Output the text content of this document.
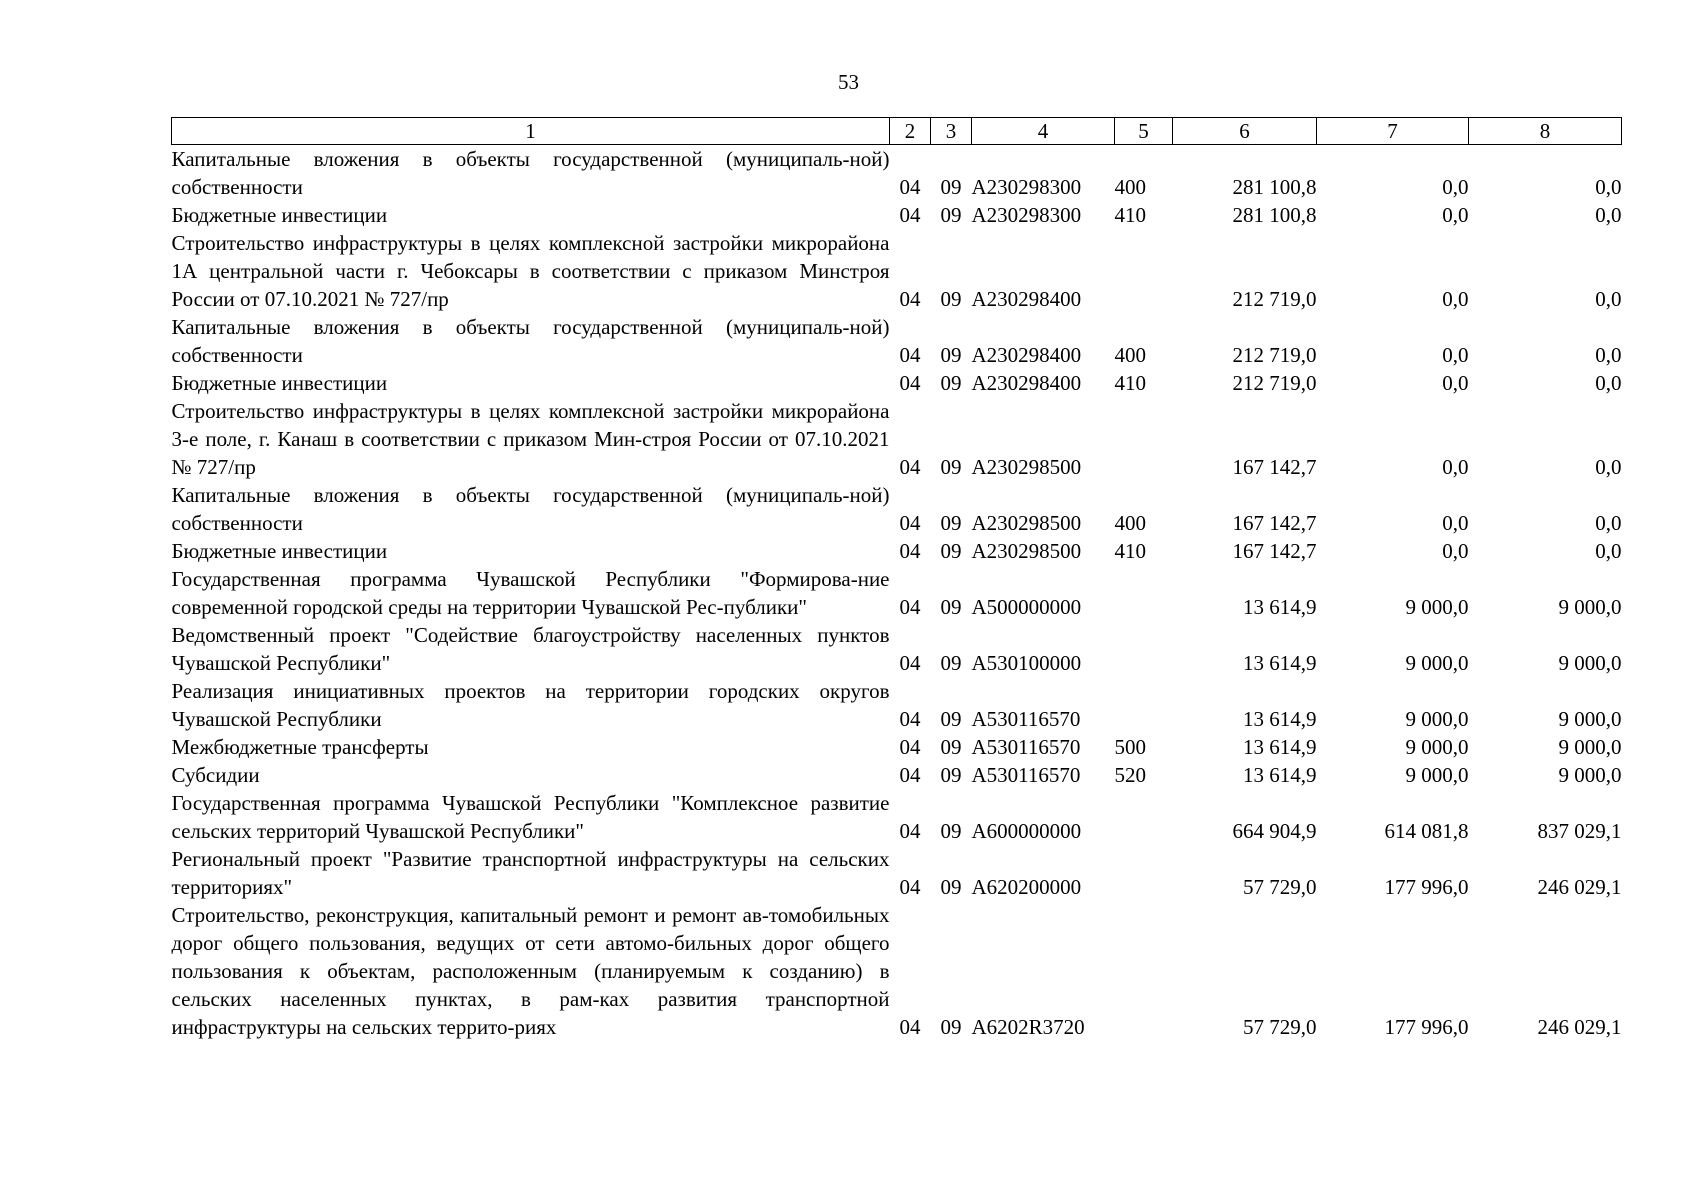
53
1	2	3	4	5	6	7	8
Капитальные вложения в объекты государственной (муниципаль-ной) собственности	04	09	А230298300	400	281 100,8	0,0	0,0
Бюджетные инвестиции	04	09	А230298300	410	281 100,8	0,0	0,0
Строительство инфраструктуры в целях комплексной застройки микрорайона 1А центральной части г. Чебоксары в соответствии с приказом Минстроя России от 07.10.2021 № 727/пр	04	09	А230298400		212 719,0	0,0	0,0
Капитальные вложения в объекты государственной (муниципаль-ной) собственности	04	09	А230298400	400	212 719,0	0,0	0,0
Бюджетные инвестиции	04	09	А230298400	410	212 719,0	0,0	0,0
Строительство инфраструктуры в целях комплексной застройки микрорайона 3-е поле, г. Канаш в соответствии с приказом Мин-строя России от 07.10.2021 № 727/пр	04	09	А230298500		167 142,7	0,0	0,0
Капитальные вложения в объекты государственной (муниципаль-ной) собственности	04	09	А230298500	400	167 142,7	0,0	0,0
Бюджетные инвестиции	04	09	А230298500	410	167 142,7	0,0	0,0
Государственная программа Чувашской Республики "Формирова-ние современной городской среды на территории Чувашской Рес-публики"	04	09	А500000000		13 614,9	9 000,0	9 000,0
Ведомственный проект "Содействие благоустройству населенных пунктов Чувашской Республики"	04	09	А530100000		13 614,9	9 000,0	9 000,0
Реализация инициативных проектов на территории городских округов Чувашской Республики	04	09	А530116570		13 614,9	9 000,0	9 000,0
Межбюджетные трансферты	04	09	А530116570	500	13 614,9	9 000,0	9 000,0
Субсидии	04	09	А530116570	520	13 614,9	9 000,0	9 000,0
Государственная программа Чувашской Республики "Комплексное развитие сельских территорий Чувашской Республики"	04	09	А600000000		664 904,9	614 081,8	837 029,1
Региональный проект "Развитие транспортной инфраструктуры на сельских территориях"	04	09	А620200000		57 729,0	177 996,0	246 029,1
Строительство, реконструкция, капитальный ремонт и ремонт ав-томобильных дорог общего пользования, ведущих от сети автомо-бильных дорог общего пользования к объектам, расположенным (планируемым к созданию) в сельских населенных пунктах, в рам-ках развития транспортной инфраструктуры на сельских террито-риях	04	09	А6202R3720		57 729,0	177 996,0	246 029,1
